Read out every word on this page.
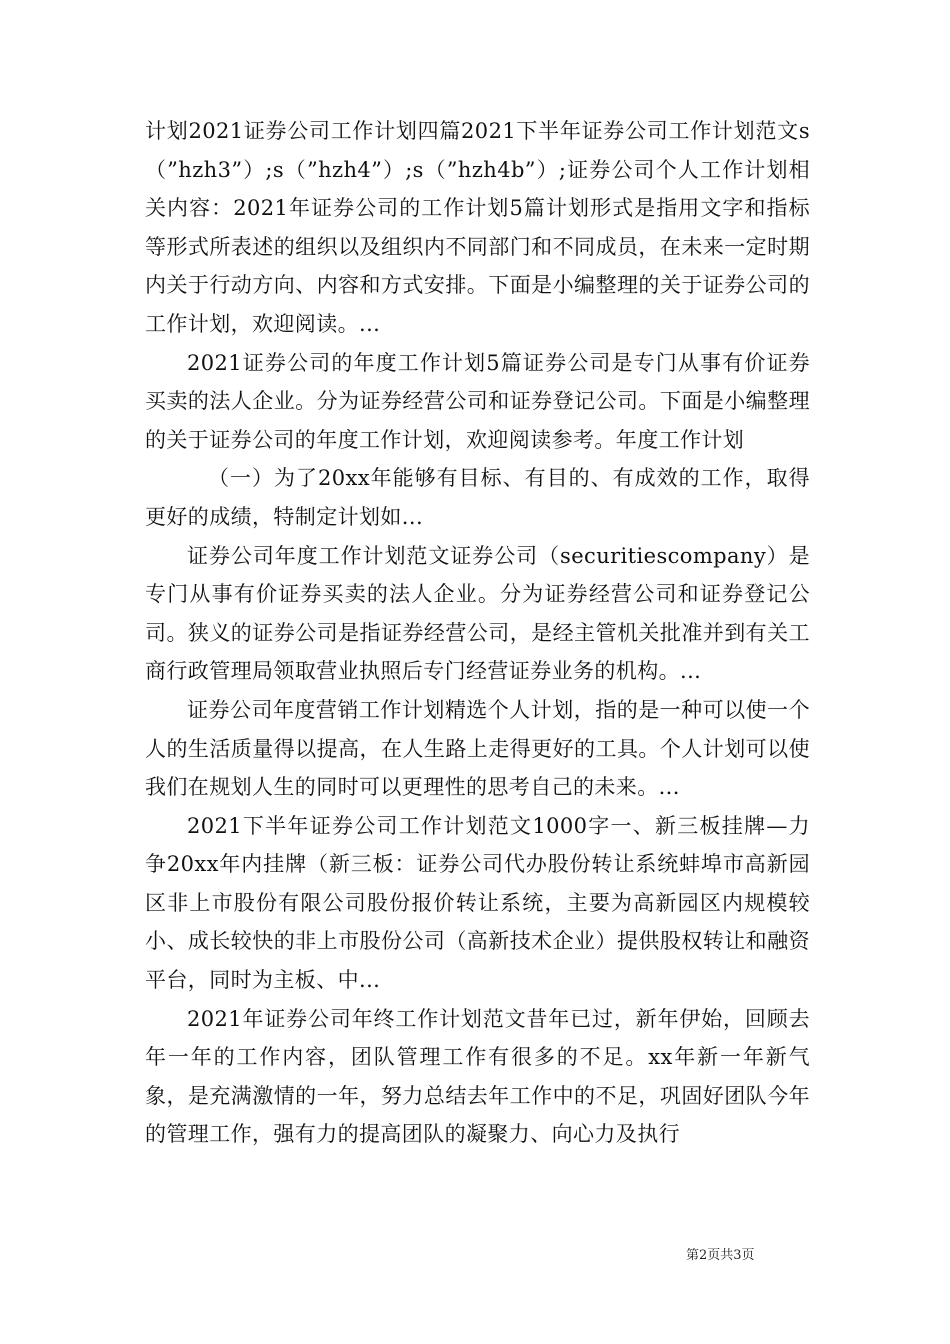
计划2021证券公司工作计划四篇2021下半年证券公司工作计划范文s（”hzh3”）;s（”hzh4”）;s（”hzh4b”）;证券公司个人工作计划相关内容：2021年证券公司的工作计划5篇计划形式是指用文字和指标等形式所表述的组织以及组织内不同部门和不同成员，在未来一定时期内关于行动方向、内容和方式安排。下面是小编整理的关于证券公司的工作计划，欢迎阅读。...

2021证券公司的年度工作计划5篇证券公司是专门从事有价证券买卖的法人企业。分为证券经营公司和证券登记公司。下面是小编整理的关于证券公司的年度工作计划，欢迎阅读参考。年度工作计划

（一）为了20xx年能够有目标、有目的、有成效的工作，取得更好的成绩，特制定计划如...

证券公司年度工作计划范文证券公司（securitiescompany）是专门从事有价证券买卖的法人企业。分为证券经营公司和证券登记公司。狭义的证券公司是指证券经营公司，是经主管机关批准并到有关工商行政管理局领取营业执照后专门经营证券业务的机构。...

证券公司年度营销工作计划精选个人计划，指的是一种可以使一个人的生活质量得以提高，在人生路上走得更好的工具。个人计划可以使我们在规划人生的同时可以更理性的思考自己的未来。...

2021下半年证券公司工作计划范文1000字一、新三板挂牌—力争20xx年内挂牌（新三板：证券公司代办股份转让系统蚌埠市高新园区非上市股份有限公司股份报价转让系统，主要为高新园区内规模较小、成长较快的非上市股份公司（高新技术企业）提供股权转让和融资平台，同时为主板、中...

2021年证券公司年终工作计划范文昔年已过，新年伊始，回顾去年一年的工作内容，团队管理工作有很多的不足。xx年新一年新气象，是充满激情的一年，努力总结去年工作中的不足，巩固好团队今年的管理工作，强有力的提高团队的凝聚力、向心力及执行

第2页共3页
